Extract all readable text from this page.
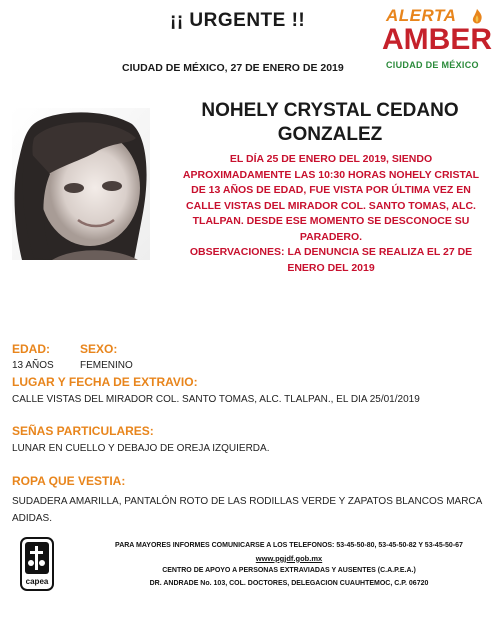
¡¡ URGENTE !!
CIUDAD DE MÉXICO, 27 DE ENERO DE 2019
ALERTA
AMBER
CIUDAD DE MÉXICO
NOHELY CRYSTAL CEDANO GONZALEZ
EL DÍA 25 DE ENERO DEL 2019, SIENDO APROXIMADAMENTE LAS 10:30 HORAS NOHELY CRISTAL DE 13 AÑOS DE EDAD, FUE VISTA POR ÚLTIMA VEZ EN CALLE VISTAS DEL MIRADOR COL. SANTO TOMAS, ALC. TLALPAN. DESDE ESE MOMENTO SE DESCONOCE SU PARADERO.
OBSERVACIONES: LA DENUNCIA SE REALIZA EL 27 DE ENERO DEL 2019
EDAD:	SEXO:
13 AÑOS	FEMENINO
LUGAR Y FECHA DE EXTRAVIO:
CALLE VISTAS DEL MIRADOR COL. SANTO TOMAS, ALC. TLALPAN., EL DIA 25/01/2019
SEÑAS PARTICULARES:
LUNAR EN CUELLO Y DEBAJO DE OREJA IZQUIERDA.
ROPA QUE VESTIA:
SUDADERA AMARILLA, PANTALÓN ROTO DE LAS RODILLAS VERDE Y ZAPATOS BLANCOS MARCA ADIDAS.
capea
PARA MAYORES INFORMES COMUNICARSE A LOS TELEFONOS: 53-45-50-80, 53-45-50-82 Y 53-45-50-67
www.pgjdf.gob.mx
CENTRO DE APOYO A PERSONAS EXTRAVIADAS Y AUSENTES (C.A.P.E.A.)
DR. ANDRADE No. 103, COL. DOCTORES, DELEGACION CUAUHTEMOC, C.P. 06720
